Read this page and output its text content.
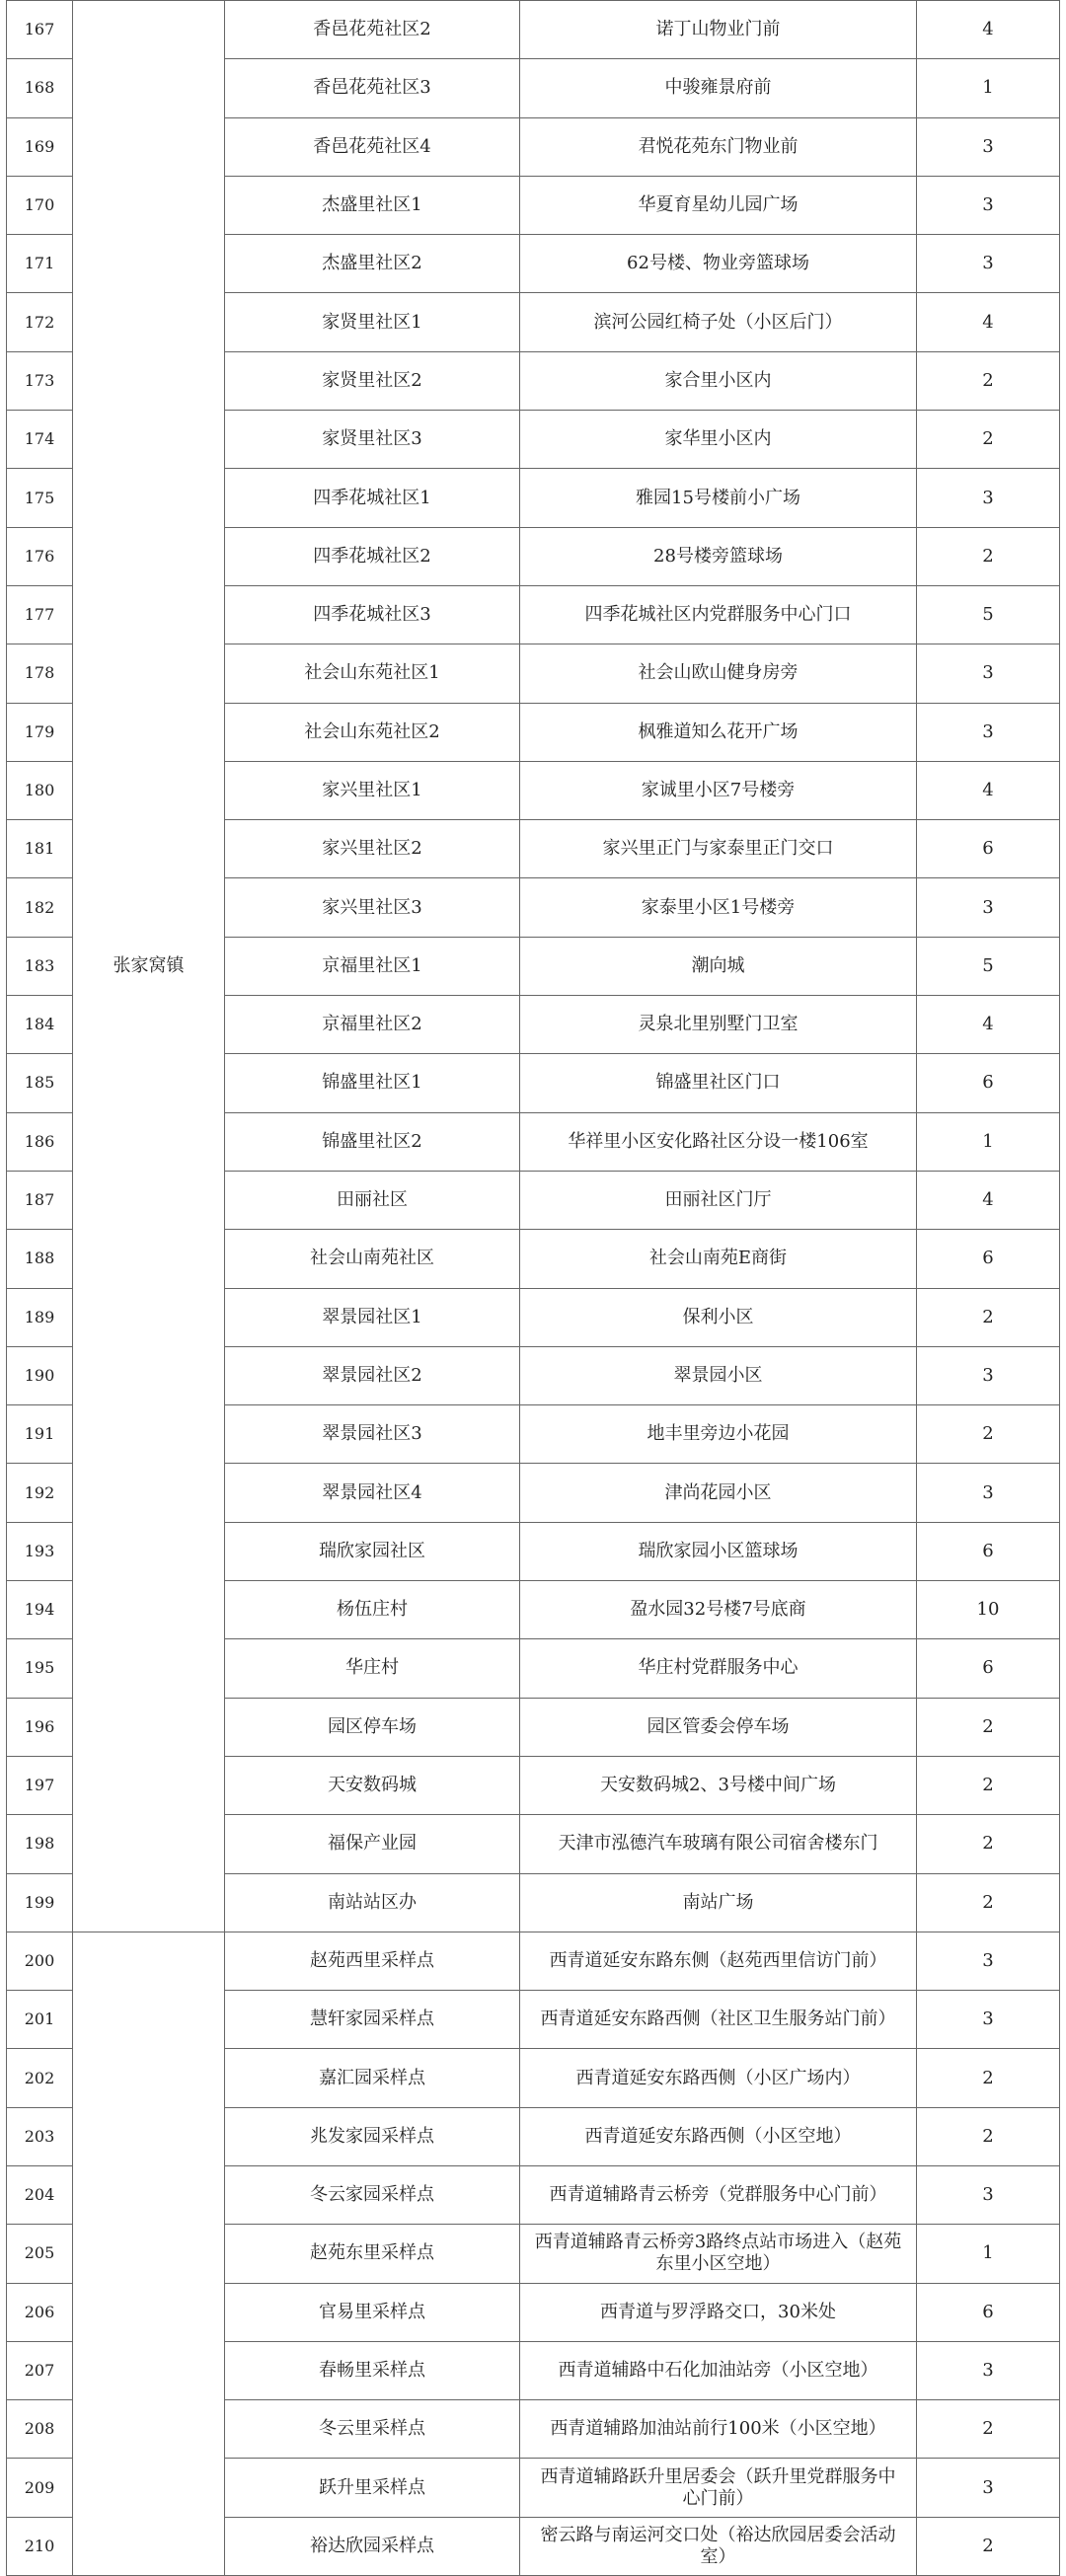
167	张家窝镇	香邑花苑社区2	诺丁山物业门前	4
168		香邑花苑社区3	中骏雍景府前	1
169		香邑花苑社区4	君悦花苑东门物业前	3
170		杰盛里社区1	华夏育星幼儿园广场	3
171		杰盛里社区2	62号楼、物业旁篮球场	3
172		家贤里社区1	滨河公园红椅子处（小区后门）	4
173		家贤里社区2	家合里小区内	2
174		家贤里社区3	家华里小区内	2
175		四季花城社区1	雅园15号楼前小广场	3
176		四季花城社区2	28号楼旁篮球场	2
177		四季花城社区3	四季花城社区内党群服务中心门口	5
178		社会山东苑社区1	社会山欧山健身房旁	3
179		社会山东苑社区2	枫雅道知么花开广场	3
180		家兴里社区1	家诚里小区7号楼旁	4
181		家兴里社区2	家兴里正门与家泰里正门交口	6
182		家兴里社区3	家泰里小区1号楼旁	3
183		京福里社区1	潮向城	5
184		京福里社区2	灵泉北里别墅门卫室	4
185		锦盛里社区1	锦盛里社区门口	6
186		锦盛里社区2	华祥里小区安化路社区分设一楼106室	1
187		田丽社区	田丽社区门厅	4
188		社会山南苑社区	社会山南苑E商街	6
189		翠景园社区1	保利小区	2
190		翠景园社区2	翠景园小区	3
191		翠景园社区3	地丰里旁边小花园	2
192		翠景园社区4	津尚花园小区	3
193		瑞欣家园社区	瑞欣家园小区篮球场	6
194		杨伍庄村	盈水园32号楼7号底商	10
195		华庄村	华庄村党群服务中心	6
196		园区停车场	园区管委会停车场	2
197		天安数码城	天安数码城2、3号楼中间广场	2
198		福保产业园	天津市泓德汽车玻璃有限公司宿舍楼东门	2
199		南站站区办	南站广场	2
200		赵苑西里采样点	西青道延安东路东侧（赵苑西里信访门前）	3
201		慧轩家园采样点	西青道延安东路西侧（社区卫生服务站门前）	3
202		嘉汇园采样点	西青道延安东路西侧（小区广场内）	2
203		兆发家园采样点	西青道延安东路西侧（小区空地）	2
204		冬云家园采样点	西青道辅路青云桥旁（党群服务中心门前）	3
205		赵苑东里采样点	西青道辅路青云桥旁3路终点站市场进入（赵苑东里小区空地）	1
206		官易里采样点	西青道与罗浮路交口，30米处	6
207		春畅里采样点	西青道辅路中石化加油站旁（小区空地）	3
208		冬云里采样点	西青道辅路加油站前行100米（小区空地）	2
209		跃升里采样点	西青道辅路跃升里居委会（跃升里党群服务中心门前）	3
210		裕达欣园采样点	密云路与南运河交口处（裕达欣园居委会活动室）	2
